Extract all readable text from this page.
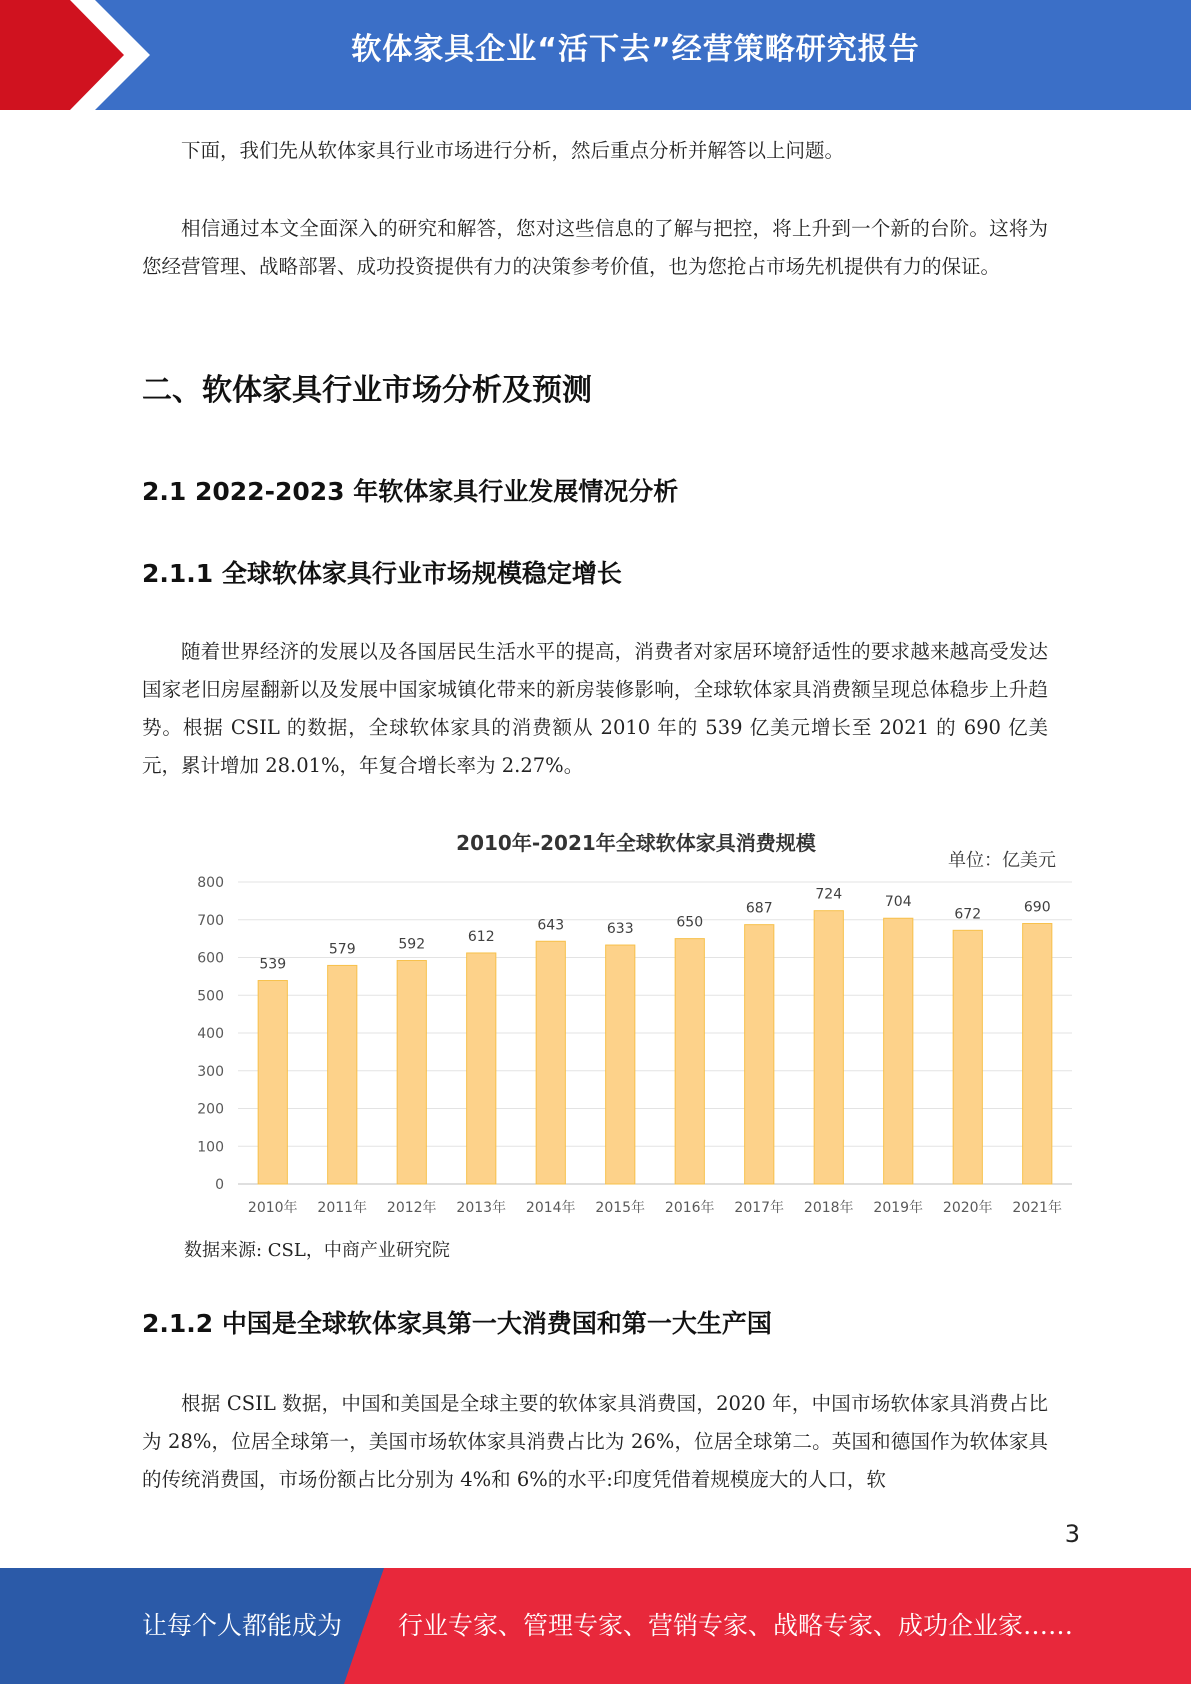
软体家具企业“活下去”经营策略研究报告

下面，我们先从软体家具行业市场进行分析，然后重点分析并解答以上问题。

相信通过本文全面深入的研究和解答，您对这些信息的了解与把控，将上升到一个新的台阶。这将为您经营管理、战略部署、成功投资提供有力的决策参考价值，也为您抢占市场先机提供有力的保证。

二、软体家具行业市场分析及预测
2.1 2022-2023 年软体家具行业发展情况分析
2.1.1 全球软体家具行业市场规模稳定增长

随着世界经济的发展以及各国居民生活水平的提高，消费者对家居环境舒适性的要求越来越高受发达国家老旧房屋翻新以及发展中国家城镇化带来的新房装修影响，全球软体家具消费额呈现总体稳步上升趋势。根据 CSIL 的数据，全球软体家具的消费额从 2010 年的 539 亿美元增长至 2021 的 690 亿美元，累计增加 28.01%，年复合增长率为 2.27%。

2010年-2021年全球软体家具消费规模
单位：亿美元
539
579	592	612
643	633	650
687
724	704
672	690
0
100
200
300
400
500
600
700
800
2010年 2011年 2012年 2013年 2014年 2015年 2016年 2017年 2018年 2019年 2020年 2021年
数据来源: CSL，中商产业研究院
2.1.2 中国是全球软体家具第一大消费国和第一大生产国

根据 CSIL 数据，中国和美国是全球主要的软体家具消费国，2020 年，中国市场软体家具消费占比为 28%，位居全球第一，美国市场软体家具消费占比为 26%，位居全球第二。英国和德国作为软体家具的传统消费国，市场份额占比分别为 4%和 6%的水平:印度凭借着规模庞大的人口，软

3
让每个人都能成为 行业专家、管理专家、营销专家、战略专家、成功企业家……
